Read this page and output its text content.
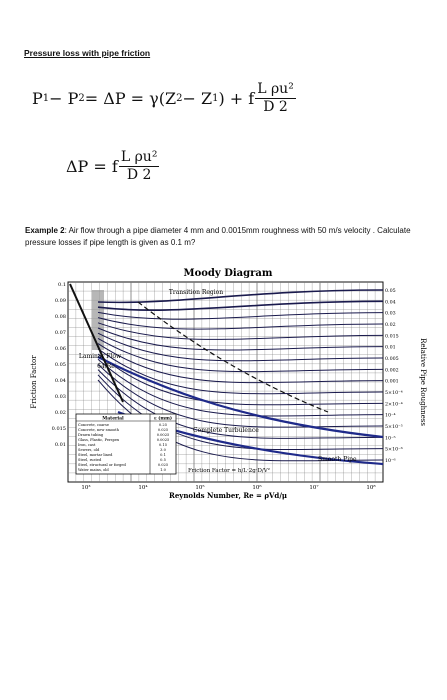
Pressure loss with pipe friction
P 1 − P 2 = ΔP = γ(Z 2 − Z 1 ) + f $\frac{\text{L ρu²}}{D 2}$
ΔP = f $\frac{\text{L ρu²}}{D 2}$
Example 2: Air flow through a pipe diameter 4 mm and 0.0015mm roughness with 50 m/s velocity . Calculate pressure losses if pipe length is given as 0.1 m?
Moody Diagram
Transition Region
Laminar Flow
64/Re
Complete Turbulence
Friction Factor = h/L·2g·D/V²
Smooth Pipe
Reynolds Number, Re = ρVd/μ
Friction Factor	Relative Pipe Roughness
0.1
0.09
0.08
0.07
0.06
0.05
0.04
0.03
0.02
0.015
0.01
10³	10⁴	10⁵	10⁶	10⁷	10⁸
0.05
0.04
0.03
0.02
0.015
0.01
0.005
0.002
0.001
5×10⁻⁴
2×10⁻⁴
10⁻⁴
5×10⁻⁵
10⁻⁵
5×10⁻⁶
10⁻⁶
Material	ε (mm)
Concrete, coarse	0.25
Concrete, new smooth	0.025
Drawn tubing	0.0025
Glass, Plastic, Perspex	0.0025
Iron, cast	0.15
Sewers, old	3.0
Steel, mortar lined	0.1
Steel, rusted	0.5
Steel, structural or forged	0.025
Water mains, old	1.0
